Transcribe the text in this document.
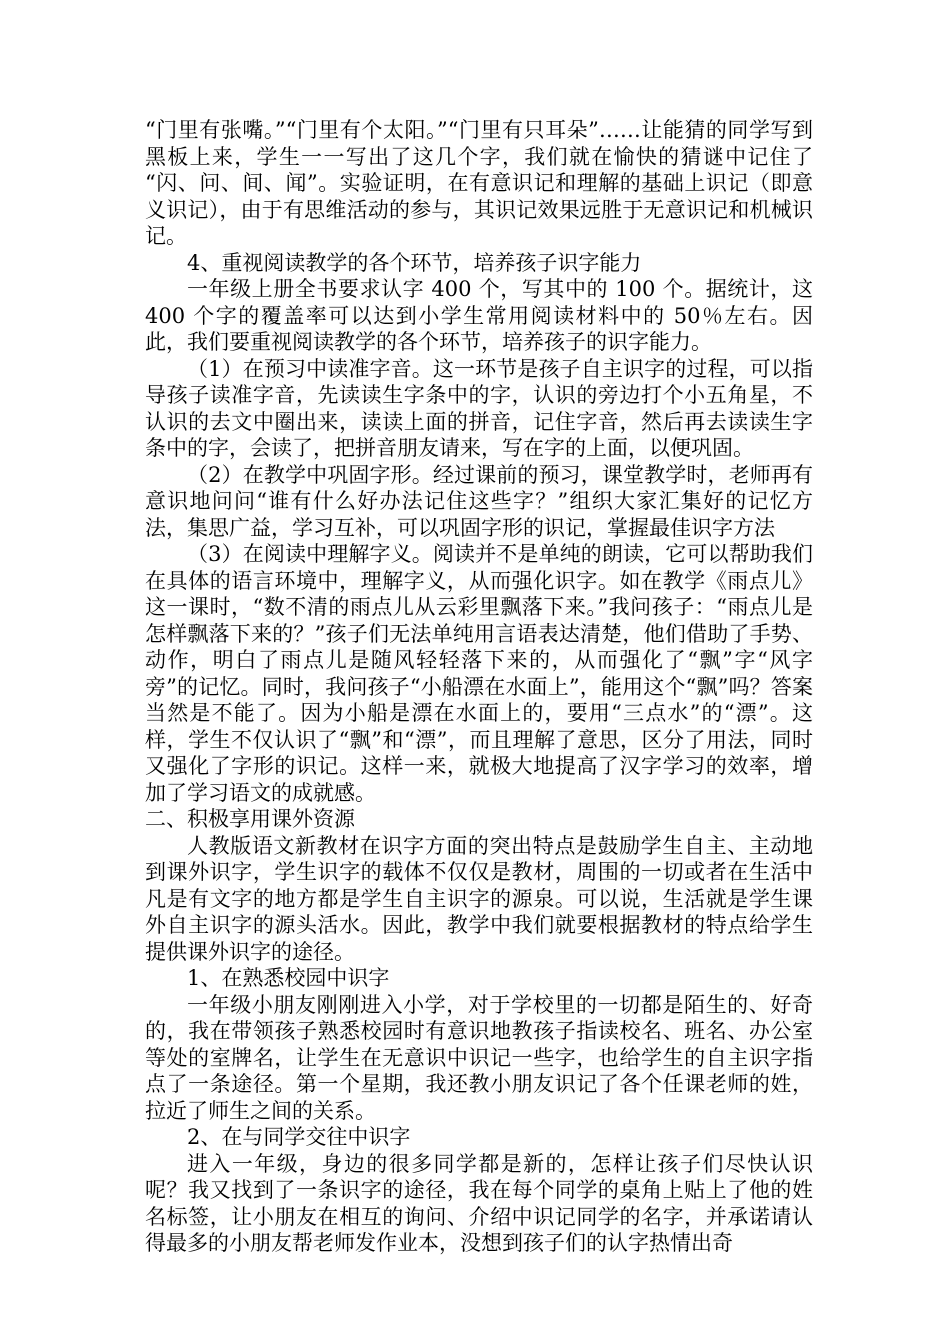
“门里有张嘴。”“门里有个太阳。”“门里有只耳朵”……让能猜的同学写到黑板上来，学生一一写出了这几个字，我们就在愉快的猜谜中记住了 “闪、问、间、闻”。实验证明，在有意识记和理解的基础上识记（即意义识记），由于有思维活动的参与，其识记效果远胜于无意识记和机械识记。

4、重视阅读教学的各个环节，培养孩子识字能力

一年级上册全书要求认字 400 个，写其中的 100 个。据统计，这 400 个字的覆盖率可以达到小学生常用阅读材料中的 50％左右。因此，我们要重视阅读教学的各个环节，培养孩子的识字能力。

（1）在预习中读准字音。这一环节是孩子自主识字的过程，可以指导孩子读准字音，先读读生字条中的字，认识的旁边打个小五角星，不认识的去文中圈出来，读读上面的拼音，记住字音，然后再去读读生字条中的字，会读了，把拼音朋友请来，写在字的上面，以便巩固。

（2）在教学中巩固字形。经过课前的预习，课堂教学时，老师再有意识地问问“谁有什么好办法记住这些字？”组织大家汇集好的记忆方法，集思广益，学习互补，可以巩固字形的识记，掌握最佳识字方法

（3）在阅读中理解字义。阅读并不是单纯的朗读，它可以帮助我们在具体的语言环境中，理解字义，从而强化识字。如在教学《雨点儿》这一课时，“数不清的雨点儿从云彩里飘落下来。”我问孩子：“雨点儿是怎样飘落下来的？”孩子们无法单纯用言语表达清楚，他们借助了手势、动作，明白了雨点儿是随风轻轻落下来的，从而强化了“飘”字“风字旁”的记忆。同时，我问孩子“小船漂在水面上”，能用这个“飘”吗？答案当然是不能了。因为小船是漂在水面上的，要用“三点水”的“漂”。这样，学生不仅认识了“飘”和“漂”，而且理解了意思，区分了用法，同时又强化了字形的识记。这样一来，就极大地提高了汉字学习的效率，增加了学习语文的成就感。

二、积极享用课外资源

人教版语文新教材在识字方面的突出特点是鼓励学生自主、主动地到课外识字，学生识字的载体不仅仅是教材，周围的一切或者在生活中凡是有文字的地方都是学生自主识字的源泉。可以说，生活就是学生课外自主识字的源头活水。因此，教学中我们就要根据教材的特点给学生提供课外识字的途径。

1、在熟悉校园中识字

一年级小朋友刚刚进入小学，对于学校里的一切都是陌生的、好奇的，我在带领孩子熟悉校园时有意识地教孩子指读校名、班名、办公室等处的室牌名，让学生在无意识中识记一些字，也给学生的自主识字指点了一条途径。第一个星期，我还教小朋友识记了各个任课老师的姓，拉近了师生之间的关系。

2、在与同学交往中识字

进入一年级，身边的很多同学都是新的，怎样让孩子们尽快认识呢？我又找到了一条识字的途径，我在每个同学的桌角上贴上了他的姓名标签，让小朋友在相互的询问、介绍中识记同学的名字，并承诺请认得最多的小朋友帮老师发作业本，没想到孩子们的认字热情出奇
